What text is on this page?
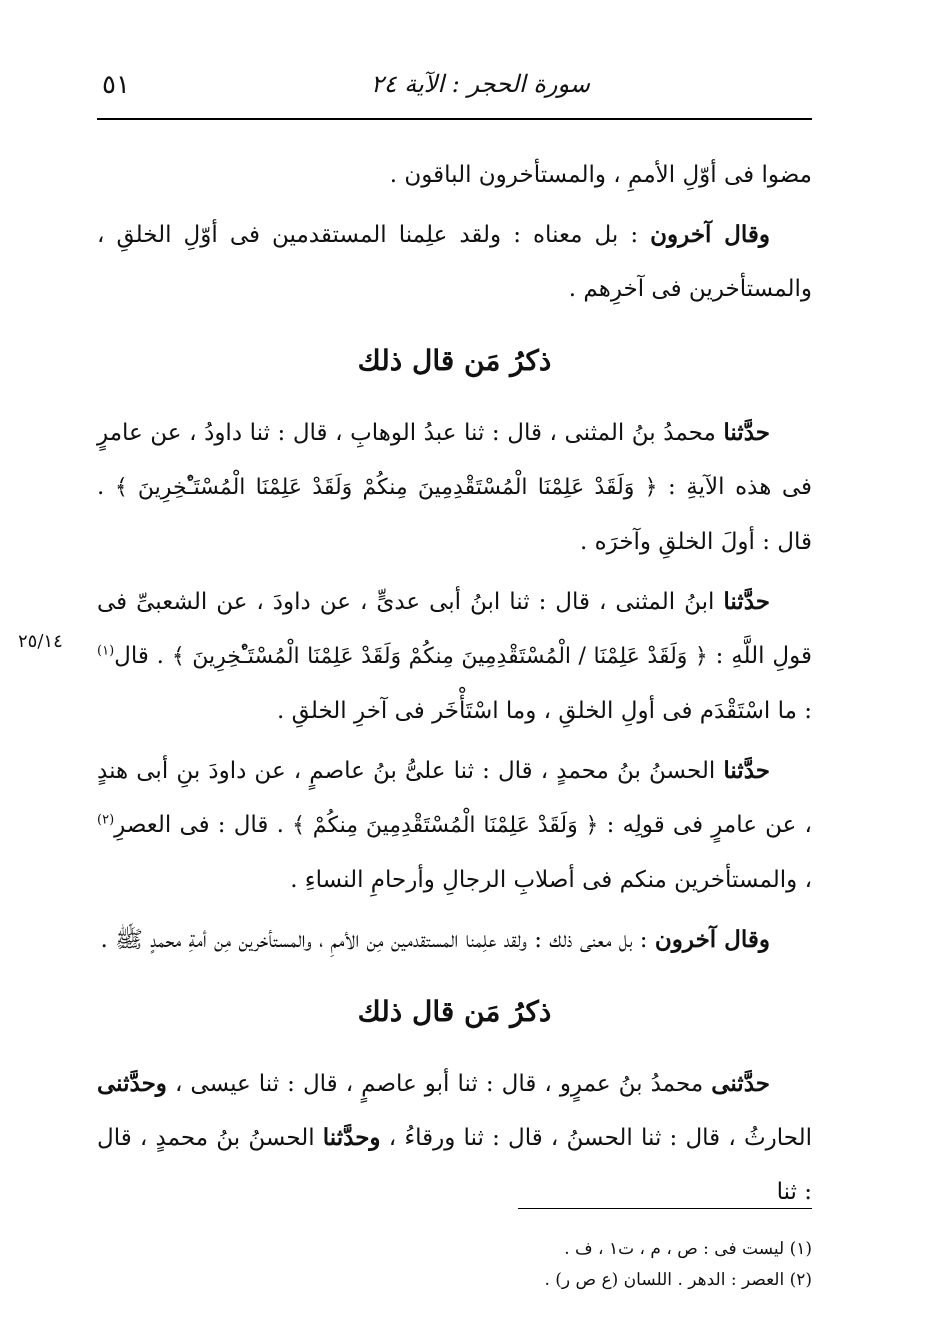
سورة الحجر : الآية ٢٤
٥١

مضوا فى أوّلِ الأممِ ، والمستأخرون الباقون .

وقال آخرون : بل معناه : ولقد علِمنا المستقدمين فى أوّلِ الخلقِ ، والمستأخرين فى آخرِهم .

ذكرُ مَن قال ذلك

حدَّثنا محمدُ بنُ المثنى ، قال : ثنا عبدُ الوهابِ ، قال : ثنا داودُ ، عن عامرٍ فى هذه الآيةِ : ﴿ وَلَقَدْ عَلِمْنَا الْمُسْتَقْدِمِينَ مِنكُمْ وَلَقَدْ عَلِمْنَا الْمُسْتَـْٔخِرِينَ ﴾ . قال : أولَ الخلقِ وآخرَه .

حدَّثنا ابنُ المثنى ، قال : ثنا ابنُ أبى عدىٍّ ، عن داودَ ، عن الشعبىِّ فى قولِ اللَّهِ : ﴿ وَلَقَدْ عَلِمْنَا / الْمُسْتَقْدِمِينَ مِنكُمْ وَلَقَدْ عَلِمْنَا الْمُسْتَـْٔخِرِينَ ﴾ . قال$^{(١)}$ : ما اسْتَقْدَم فى أولِ الخلقِ ، وما اسْتَأْخَر فى آخرِ الخلقِ .

حدَّثنا الحسنُ بنُ محمدٍ ، قال : ثنا علىُّ بنُ عاصمٍ ، عن داودَ بنِ أبى هندٍ ، عن عامرٍ فى قولِه : ﴿ وَلَقَدْ عَلِمْنَا الْمُسْتَقْدِمِينَ مِنكُمْ ﴾ . قال : فى العصرِ$^{(٢)}$ ، والمستأخرين منكم فى أصلابِ الرجالِ وأرحامِ النساءِ .

وقال آخرون : بل معنى ذلك : ولقد علِمنا المستقدمين مِن الأممِ ، والمستأخرين مِن أمةِ محمدٍ ﷺ .

ذكرُ مَن قال ذلك

حدَّثنى محمدُ بنُ عمرٍو ، قال : ثنا أبو عاصمٍ ، قال : ثنا عيسى ، وحدَّثنى الحارثُ ، قال : ثنا الحسنُ ، قال : ثنا ورقاءُ ، وحدَّثنا الحسنُ بنُ محمدٍ ، قال : ثنا

٢٥/١٤
(١) ليست فى : ص ، م ، ت١ ، ف .
(٢) العصر : الدهر . اللسان (ع ص ر) .
